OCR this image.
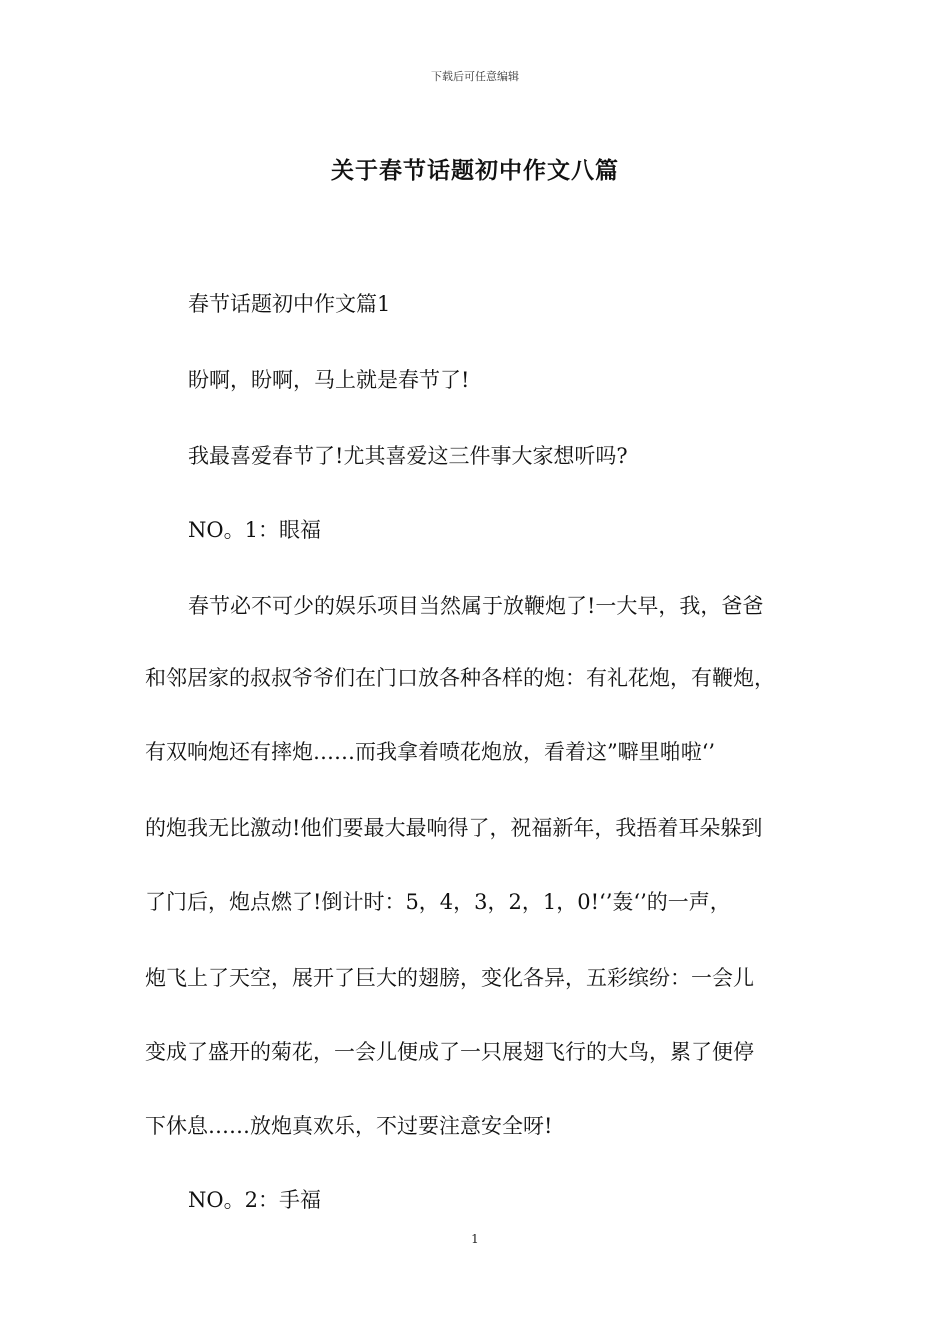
下载后可任意编辑
关于春节话题初中作文八篇
春节话题初中作文篇1
盼啊，盼啊，马上就是春节了!
我最喜爱春节了!尤其喜爱这三件事大家想听吗?
NO。1：眼福
春节必不可少的娱乐项目当然属于放鞭炮了!一大早，我，爸爸
和邻居家的叔叔爷爷们在门口放各种各样的炮：有礼花炮，有鞭炮，
有双响炮还有摔炮……而我拿着喷花炮放，看着这”噼里啪啦‘’
的炮我无比激动!他们要最大最响得了，祝福新年，我捂着耳朵躲到
了门后，炮点燃了!倒计时：5，4，3，2，1，0!‘’轰‘’的一声，
炮飞上了天空，展开了巨大的翅膀，变化各异，五彩缤纷：一会儿
变成了盛开的菊花，一会儿便成了一只展翅飞行的大鸟，累了便停
下休息……放炮真欢乐，不过要注意安全呀!
NO。2：手福
1
